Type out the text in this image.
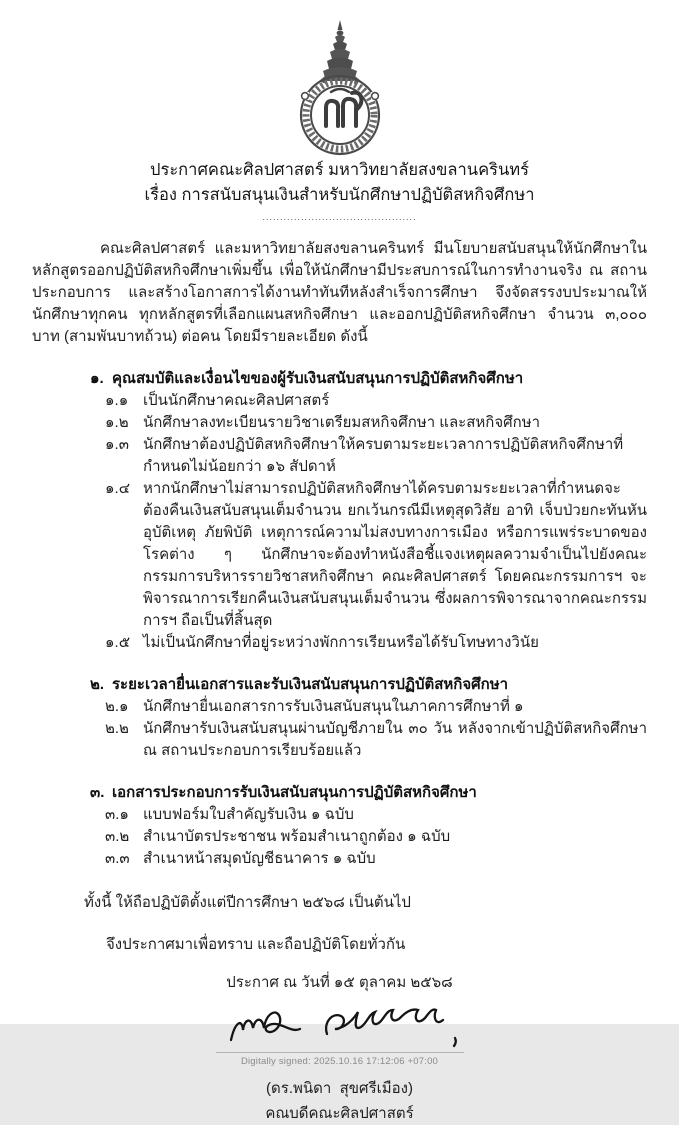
ประกาศคณะศิลปศาสตร์ มหาวิทยาลัยสงขลานครินทร์
เรื่อง การสนับสนุนเงินสำหรับนักศึกษาปฏิบัติสหกิจศึกษา
............................................
คณะศิลปศาสตร์ และมหาวิทยาลัยสงขลานครินทร์ มีนโยบายสนับสนุนให้นักศึกษาในหลักสูตรออกปฏิบัติสหกิจศึกษาเพิ่มขึ้น เพื่อให้นักศึกษามีประสบการณ์ในการทำงานจริง ณ สถานประกอบการ และสร้างโอกาสการได้งานทำทันทีหลังสำเร็จการศึกษา จึงจัดสรรงบประมาณให้นักศึกษาทุกคน ทุกหลักสูตรที่เลือกแผนสหกิจศึกษา และออกปฏิบัติสหกิจศึกษา จำนวน ๓,๐๐๐ บาท (สามพันบาทถ้วน) ต่อคน โดยมีรายละเอียด ดังนี้
๑. คุณสมบัติและเงื่อนไขของผู้รับเงินสนับสนุนการปฏิบัติสหกิจศึกษา
๑.๑ เป็นนักศึกษาคณะศิลปศาสตร์
๑.๒ นักศึกษาลงทะเบียนรายวิชาเตรียมสหกิจศึกษา และสหกิจศึกษา
๑.๓ นักศึกษาต้องปฏิบัติสหกิจศึกษาให้ครบตามระยะเวลาการปฏิบัติสหกิจศึกษาที่กำหนดไม่น้อยกว่า ๑๖ สัปดาห์
๑.๔ หากนักศึกษาไม่สามารถปฏิบัติสหกิจศึกษาได้ครบตามระยะเวลาที่กำหนดจะต้องคืนเงินสนับสนุนเต็มจำนวน ยกเว้นกรณีมีเหตุสุดวิสัย อาทิ เจ็บป่วยกะทันหัน อุบัติเหตุ ภัยพิบัติ เหตุการณ์ความไม่สงบทางการเมือง หรือการแพร่ระบาดของโรคต่าง ๆ นักศึกษาจะต้องทำหนังสือชี้แจงเหตุผลความจำเป็นไปยังคณะกรรมการบริหารรายวิชาสหกิจศึกษา คณะศิลปศาสตร์ โดยคณะกรรมการฯ จะพิจารณาการเรียกคืนเงินสนับสนุนเต็มจำนวน ซึ่งผลการพิจารณาจากคณะกรรมการฯ ถือเป็นที่สิ้นสุด
๑.๕ ไม่เป็นนักศึกษาที่อยู่ระหว่างพักการเรียนหรือได้รับโทษทางวินัย
๒. ระยะเวลายื่นเอกสารและรับเงินสนับสนุนการปฏิบัติสหกิจศึกษา
๒.๑ นักศึกษายื่นเอกสารการรับเงินสนับสนุนในภาคการศึกษาที่ ๑
๒.๒ นักศึกษารับเงินสนับสนุนผ่านบัญชีภายใน ๓๐ วัน หลังจากเข้าปฏิบัติสหกิจศึกษา ณ สถานประกอบการเรียบร้อยแล้ว
๓. เอกสารประกอบการรับเงินสนับสนุนการปฏิบัติสหกิจศึกษา
๓.๑ แบบฟอร์มใบสำคัญรับเงิน ๑ ฉบับ
๓.๒ สำเนาบัตรประชาชน พร้อมสำเนาถูกต้อง ๑ ฉบับ
๓.๓ สำเนาหน้าสมุดบัญชีธนาคาร ๑ ฉบับ
ทั้งนี้ ให้ถือปฏิบัติตั้งแต่ปีการศึกษา ๒๕๖๘ เป็นต้นไป
จึงประกาศมาเพื่อทราบ และถือปฏิบัติโดยทั่วกัน
ประกาศ ณ วันที่ ๑๕ ตุลาคม ๒๕๖๘
Digitally signed: 2025.10.16 17:12:06 +07:00
(ดร.พนิดา  สุขศรีเมือง)
คณบดีคณะศิลปศาสตร์
